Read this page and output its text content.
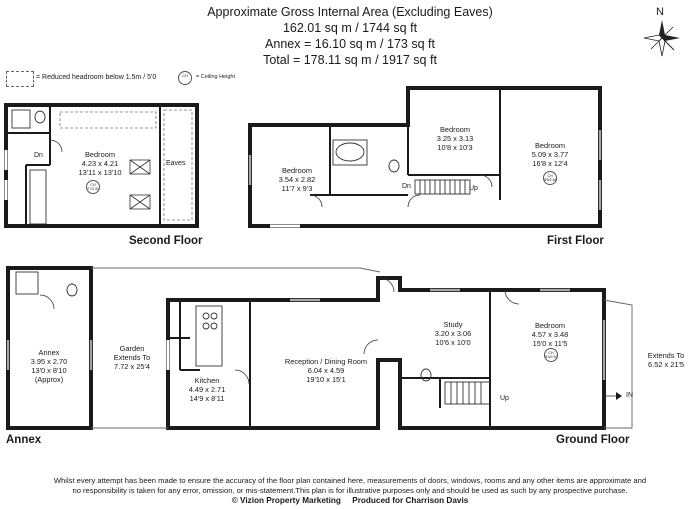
Approximate Gross Internal Area (Excluding Eaves)
162.01 sq m / 1744 sq ft
Annex = 16.10 sq m / 173 sq ft
Total = 178.11 sq m / 1917 sq ft
= Reduced headroom below 1.5m / 5'0	CH	= Ceiling Height
N
Bedroom
4.23 x 4.21
13'11 x 13'10
Dn
Eaves
CH
7'10.31
Second Floor
Bedroom
3.54 x 2.82
11'7 x 9'3
Bedroom
3.25 x 3.13
10'8 x 10'3	Bedroom
5.09 x 3.77
16'8 x 12'4
Dn	Up
CH
8'6/2.64
First Floor
Annex
3.95 x 2.70
13'0 x 8'10
(Approx)
Annex
Garden
Extends To
7.72 x 25'4
Kitchen
4.49 x 2.71
14'9 x 8'11
Reception / Dining Room
6.04 x 4.59
19'10 x 15'1
Study
3.20 x 3.06
10'6 x 10'0
Bedroom
4.57 x 3.48
15'0 x 11'5
CH
8'4/2.53	Extends To
6.52 x 21'5
Up	IN
Ground Floor
Whilst every attempt has been made to ensure the accuracy of the floor plan contained here, measurements of doors, windows, rooms and any other items are approximate and
no responsibility is taken for any error, omission, or mis-statement.This plan is for illustrative purposes only and should be used as such by any prospective purchase.
© Vizion Property Marketing Produced for Charrison Davis
